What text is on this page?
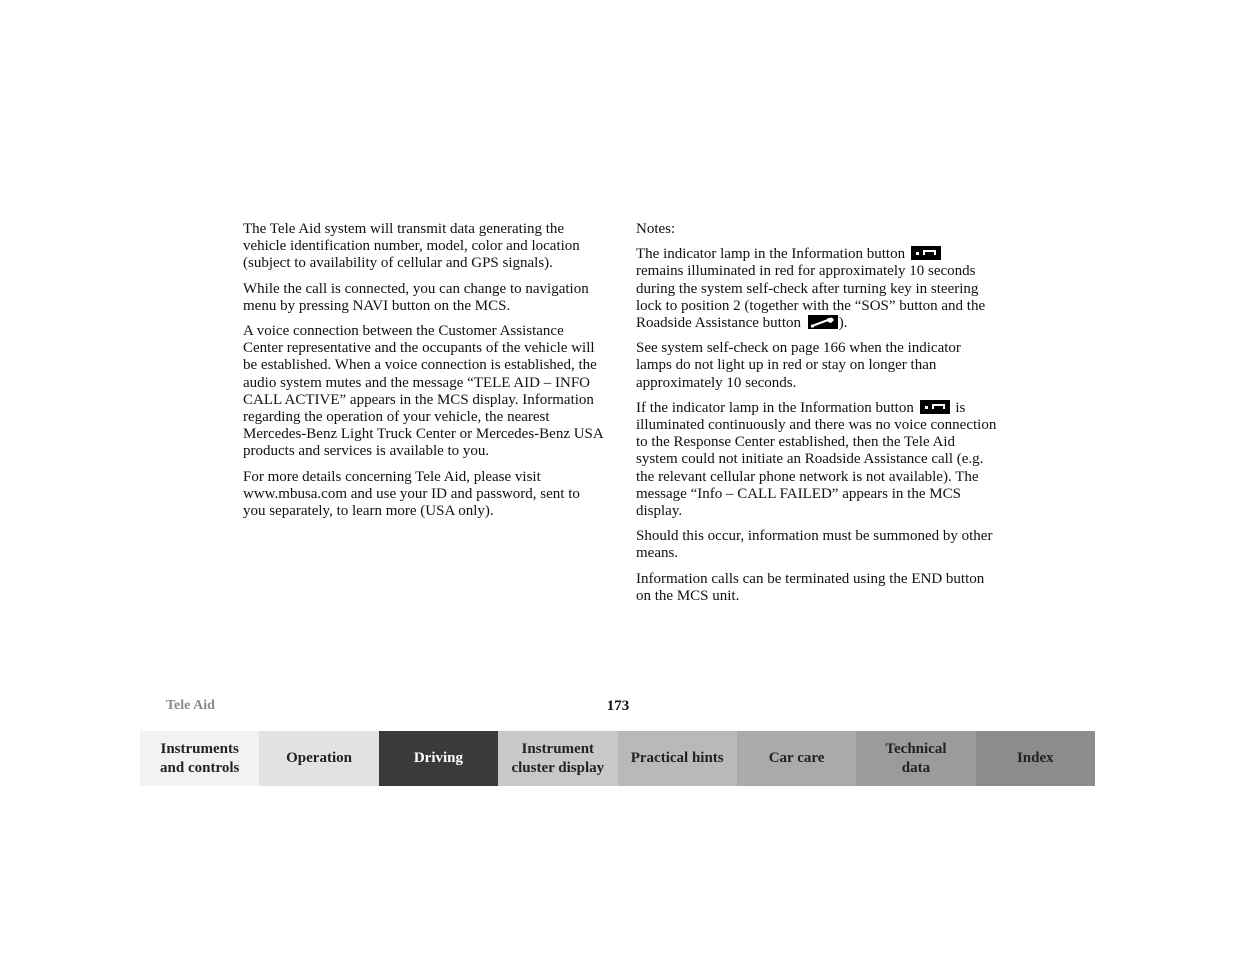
The Tele Aid system will transmit data generating the vehicle identification number, model, color and location (subject to availability of cellular and GPS signals).

While the call is connected, you can change to navigation menu by pressing NAVI button on the MCS.

A voice connection between the Customer Assistance Center representative and the occupants of the vehicle will be established. When a voice connection is established, the audio system mutes and the message “TELE AID – INFO CALL ACTIVE” appears in the MCS display. Information regarding the operation of your vehicle, the nearest Mercedes-Benz Light Truck Center or Mercedes-Benz USA products and services is available to you.

For more details concerning Tele Aid, please visit www.mbusa.com and use your ID and password, sent to you separately, to learn more (USA only).

Notes:

The indicator lamp in the Information button
remains illuminated in red for approximately 10 seconds during the system self-check after turning key in steering lock to position 2 (together with the “SOS” button and the Roadside Assistance button	).

See system self-check on page 166 when the indicator lamps do not light up in red or stay on longer than approximately 10 seconds.

If the indicator lamp in the Information button	is illuminated continuously and there was no voice connection to the Response Center established, then the Tele Aid system could not initiate an Roadside Assistance call (e.g. the relevant cellular phone network is not available). The message “Info – CALL FAILED” appears in the MCS display.

Should this occur, information must be summoned by other means.

Information calls can be terminated using the END button on the MCS unit.

Tele Aid	173
Instruments
and controls
Operation	Driving
Instrument
cluster display
Practical hints	Car care
Technical
data
Index
